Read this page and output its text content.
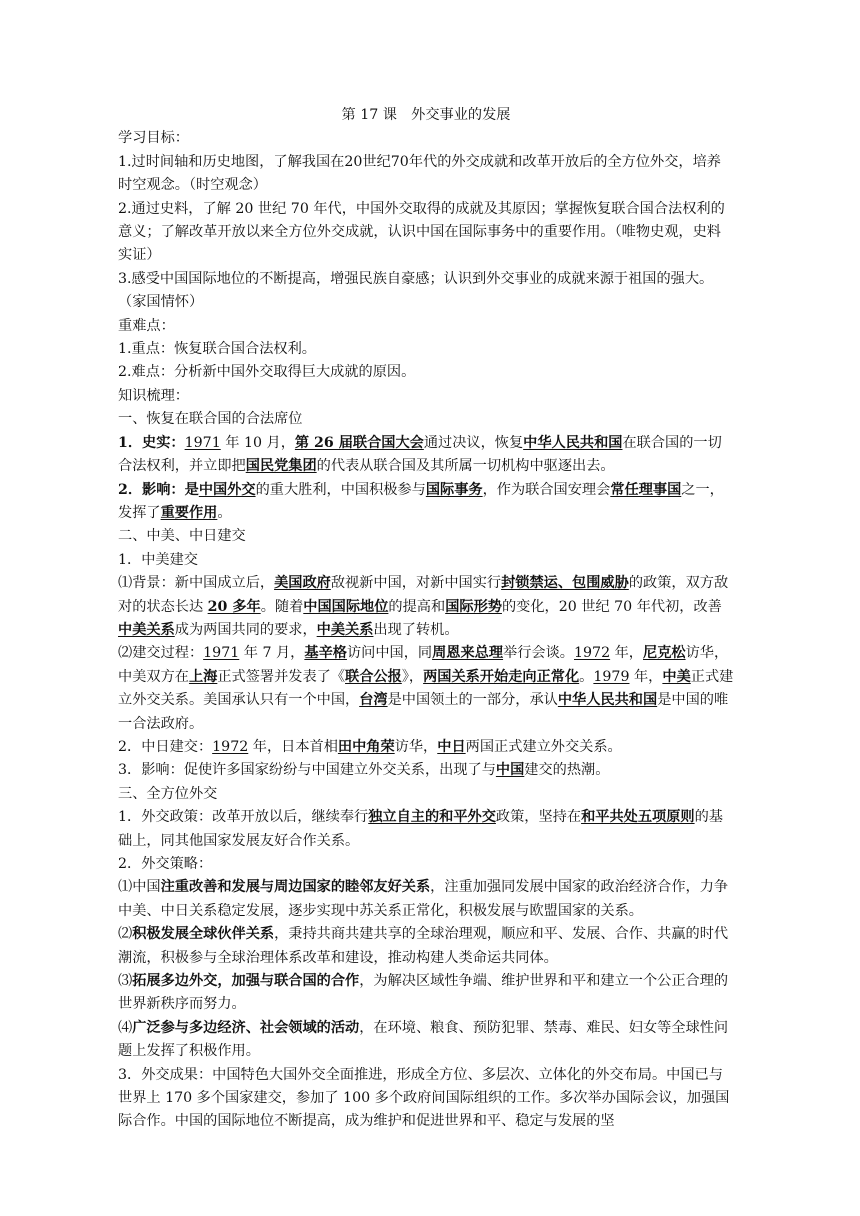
第 17 课　外交事业的发展
学习目标：
1.过时间轴和历史地图，了解我国在20世纪70年代的外交成就和改革开放后的全方位外交，培养时空观念。（时空观念）
2.通过史料，了解 20 世纪 70 年代，中国外交取得的成就及其原因；掌握恢复联合国合法权利的意义；了解改革开放以来全方位外交成就，认识中国在国际事务中的重要作用。（唯物史观，史料实证）
3.感受中国国际地位的不断提高，增强民族自豪感；认识到外交事业的成就来源于祖国的强大。（家国情怀）
重难点：
1.重点：恢复联合国合法权利。
2.难点：分析新中国外交取得巨大成就的原因。
知识梳理：
一、恢复在联合国的合法席位
1．史实：1971 年 10 月，第 26 届联合国大会通过决议，恢复中华人民共和国在联合国的一切合法权利，并立即把国民党集团的代表从联合国及其所属一切机构中驱逐出去。
2．影响：是中国外交的重大胜利，中国积极参与国际事务，作为联合国安理会常任理事国之一，发挥了重要作用。
二、中美、中日建交
1．中美建交
⑴背景：新中国成立后，美国政府敌视新中国，对新中国实行封锁禁运、包围威胁的政策，双方敌对的状态长达 20 多年。随着中国国际地位的提高和国际形势的变化，20 世纪 70 年代初，改善中美关系成为两国共同的要求，中美关系出现了转机。
⑵建交过程：1971 年 7 月，基辛格访问中国，同周恩来总理举行会谈。1972 年，尼克松访华，中美双方在上海正式签署并发表了《联合公报》，两国关系开始走向正常化。1979 年，中美正式建立外交关系。美国承认只有一个中国，台湾是中国领土的一部分，承认中华人民共和国是中国的唯一合法政府。
2．中日建交：1972 年，日本首相田中角荣访华，中日两国正式建立外交关系。
3．影响：促使许多国家纷纷与中国建立外交关系，出现了与中国建交的热潮。
三、全方位外交
1．外交政策：改革开放以后，继续奉行独立自主的和平外交政策，坚持在和平共处五项原则的基础上，同其他国家发展友好合作关系。
2．外交策略：
⑴中国注重改善和发展与周边国家的睦邻友好关系，注重加强同发展中国家的政治经济合作，力争中美、中日关系稳定发展，逐步实现中苏关系正常化，积极发展与欧盟国家的关系。
⑵积极发展全球伙伴关系，秉持共商共建共享的全球治理观，顺应和平、发展、合作、共赢的时代潮流，积极参与全球治理体系改革和建设，推动构建人类命运共同体。
⑶拓展多边外交，加强与联合国的合作，为解决区域性争端、维护世界和平和建立一个公正合理的世界新秩序而努力。
⑷广泛参与多边经济、社会领域的活动，在环境、粮食、预防犯罪、禁毒、难民、妇女等全球性问题上发挥了积极作用。
3．外交成果：中国特色大国外交全面推进，形成全方位、多层次、立体化的外交布局。中国已与世界上 170 多个国家建交，参加了 100 多个政府间国际组织的工作。多次举办国际会议，加强国际合作。中国的国际地位不断提高，成为维护和促进世界和平、稳定与发展的坚
